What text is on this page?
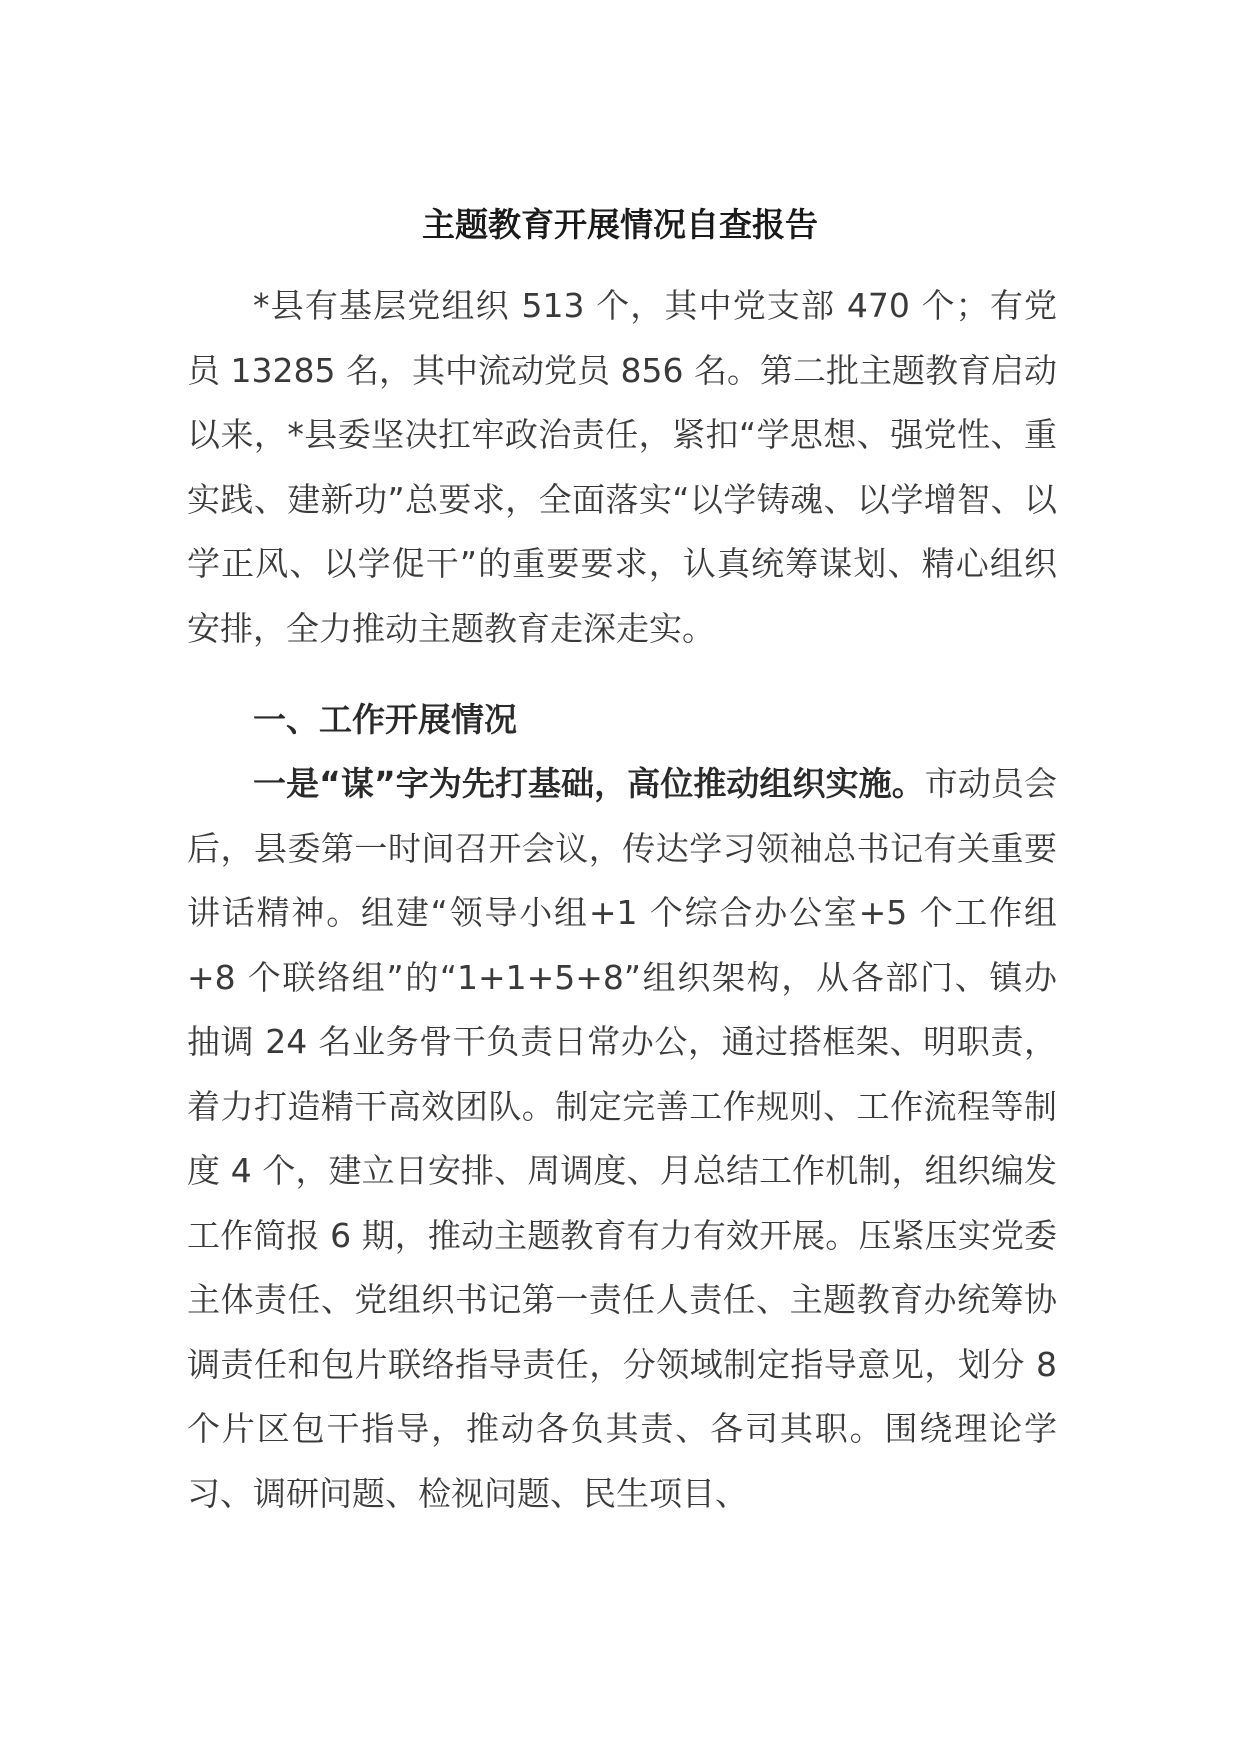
主题教育开展情况自查报告

*县有基层党组织 513 个，其中党支部 470 个；有党员 13285 名，其中流动党员 856 名。第二批主题教育启动以来，*县委坚决扛牢政治责任，紧扣“学思想、强党性、重实践、建新功”总要求，全面落实“以学铸魂、以学增智、以学正风、以学促干”的重要要求，认真统筹谋划、精心组织安排，全力推动主题教育走深走实。

一、工作开展情况

一是“谋”字为先打基础，高位推动组织实施。市动员会后，县委第一时间召开会议，传达学习领袖总书记有关重要讲话精神。组建“领导小组+1 个综合办公室+5 个工作组+8 个联络组”的“1+1+5+8”组织架构，从各部门、镇办抽调 24 名业务骨干负责日常办公，通过搭框架、明职责，着力打造精干高效团队。制定完善工作规则、工作流程等制度 4 个，建立日安排、周调度、月总结工作机制，组织编发工作简报 6 期，推动主题教育有力有效开展。压紧压实党委主体责任、党组织书记第一责任人责任、主题教育办统筹协调责任和包片联络指导责任，分领域制定指导意见，划分 8 个片区包干指导，推动各负其责、各司其职。围绕理论学习、调研问题、检视问题、民生项目、
